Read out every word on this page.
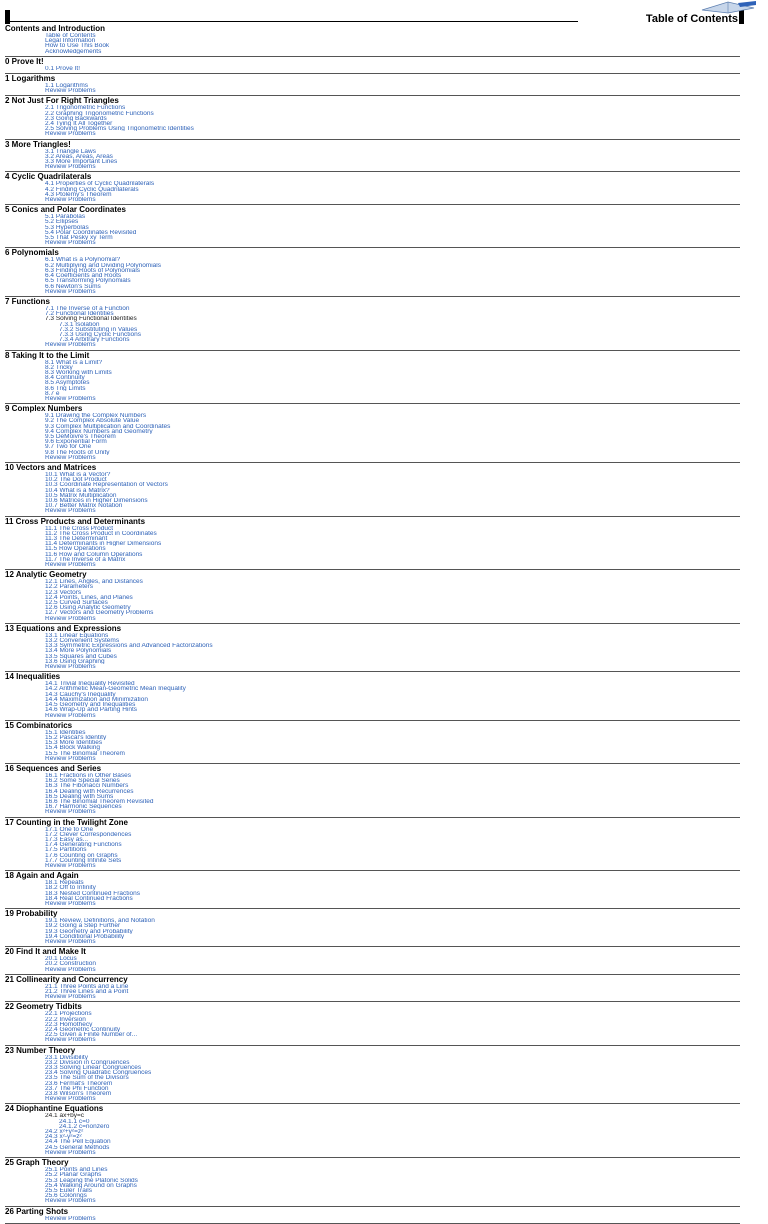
Table of Contents
Contents and Introduction
Table of Contents
Legal Information
How to Use This Book
Acknowledgements
0 Prove It!
0.1 Prove It!
1 Logarithms
1.1 Logarithms
Review Problems
2 Not Just For Right Triangles
2.1 Trigonometric Functions
2.2 Graphing Trigonometric Functions
2.3 Going Backwards
2.4 Tying It All Together
2.5 Solving Problems Using Trigonometric Identities
Review Problems
3 More Triangles!
3.1 Triangle Laws
3.2 Areas, Areas, Areas
3.3 More Important Lines
Review Problems
4 Cyclic Quadrilaterals
4.1 Properties of Cyclic Quadrilaterals
4.2 Finding Cyclic Quadrilaterals
4.3 Ptolemy's Theorem
Review Problems
5 Conics and Polar Coordinates
5.1 Parabolas
5.2 Ellipses
5.3 Hyperbolas
5.4 Polar Coordinates Revisited
5.5 That Pesky xy Term
Review Problems
6 Polynomials
6.1 What is a Polynomial?
6.2 Multiplying and Dividing Polynomials
6.3 Finding Roots of Polynomials
6.4 Coefficients and Roots
6.5 Transforming Polynomials
6.6 Newton's Sums
Review Problems
7 Functions
7.1 The Inverse of a Function
7.2 Functional Identities
7.3 Solving Functional Identities
7.3.1 Isolation
7.3.2 Substituting in Values
7.3.3 Using Cyclic Functions
7.3.4 Arbitrary Functions
Review Problems
8 Taking It to the Limit
8.1 What is a Limit?
8.2 Tricky
8.3 Working with Limits
8.4 Continuity
8.5 Asymptotes
8.6 Trig Limits
8.7 e
Review Problems
9 Complex Numbers
9.1 Drawing the Complex Numbers
9.2 The Complex Absolute Value
9.3 Complex Multiplication and Coordinates
9.4 Complex Numbers and Geometry
9.5 DeMoivre's Theorem
9.6 Exponential Form
9.7 Two for One
9.8 The Roots of Unity
Review Problems
10 Vectors and Matrices
10.1 What is a Vector?
10.2 The Dot Product
10.3 Coordinate Representation of Vectors
10.4 What is a Matrix?
10.5 Matrix Multiplication
10.6 Matrices in Higher Dimensions
10.7 Better Matrix Notation
Review Problems
11 Cross Products and Determinants
11.1 The Cross Product
11.2 The Cross Product in Coordinates
11.3 The Determinant
11.4 Determinants in Higher Dimensions
11.5 Row Operations
11.6 Row and Column Operations
11.7 The Inverse of a Matrix
Review Problems
12 Analytic Geometry
12.1 Lines, Angles, and Distances
12.2 Parameters
12.3 Vectors
12.4 Points, Lines, and Planes
12.5 Curved Surfaces
12.6 Using Analytic Geometry
12.7 Vectors and Geometry Problems
Review Problems
13 Equations and Expressions
13.1 Linear Equations
13.2 Convenient Systems
13.3 Symmetric Expressions and Advanced Factorizations
13.4 More Polynomials
13.5 Squares and Cubes
13.6 Using Graphing
Review Problems
14 Inequalities
14.1 Trivial Inequality Revisited
14.2 Arithmetic Mean-Geometric Mean Inequality
14.3 Cauchy's Inequality
14.4 Maximization and Minimization
14.5 Geometry and Inequalities
14.6 Wrap-Up and Parting Hints
Review Problems
15 Combinatorics
15.1 Identities
15.2 Pascal's Identity
15.3 More Identities
15.4 Block Walking
15.5 The Binomial Theorem
Review Problems
16 Sequences and Series
16.1 Fractions in Other Bases
16.2 Some Special Series
16.3 The Fibonacci Numbers
16.4 Dealing with Recurrences
16.5 Dealing with Sums
16.6 The Binomial Theorem Revisited
16.7 Harmonic Sequences
Review Problems
17 Counting in the Twilight Zone
17.1 One to One
17.2 Clever Correspondences
17.3 Easy as...
17.4 Generating Functions
17.5 Partitions
17.6 Counting on Graphs
17.7 Counting Infinite Sets
Review Problems
18 Again and Again
18.1 Repeats
18.2 Off to Infinity
18.3 Nested Continued Fractions
18.4 Real Continued Fractions
Review Problems
19 Probability
19.1 Review, Definitions, and Notation
19.2 Going a Step Further
19.3 Geometry and Probability
19.4 Conditional Probability
Review Problems
20 Find It and Make It
20.1 Locus
20.2 Construction
Review Problems
21 Collinearity and Concurrency
21.1 Three Points and a Line
21.2 Three Lines and a Point
Review Problems
22 Geometry Tidbits
22.1 Projections
22.2 Inversion
22.3 Homothecy
22.4 Geometric Continuity
22.5 Given a Finite Number of...
Review Problems
23 Number Theory
23.1 Divisibility
23.2 Division in Congruences
23.3 Solving Linear Congruences
23.4 Solving Quadratic Congruences
23.5 The Sum of the Divisors
23.6 Fermat's Theorem
23.7 The Phi Function
23.8 Wilson's Theorem
Review Problems
24 Diophantine Equations
24.1 ax+by=c
24.1.1 c=0
24.1.2 c=nonzero
24.2 x²+y²=z²
24.3 x²-y²=z²
24.4 The Pell Equation
24.5 General Methods
Review Problems
25 Graph Theory
25.1 Points and Lines
25.2 Planar Graphs
25.3 Leaping the Platonic Solids
25.4 Walking Around on Graphs
25.5 Euler Trails
25.6 Colorings
Review Problems
26 Parting Shots
Review Problems
